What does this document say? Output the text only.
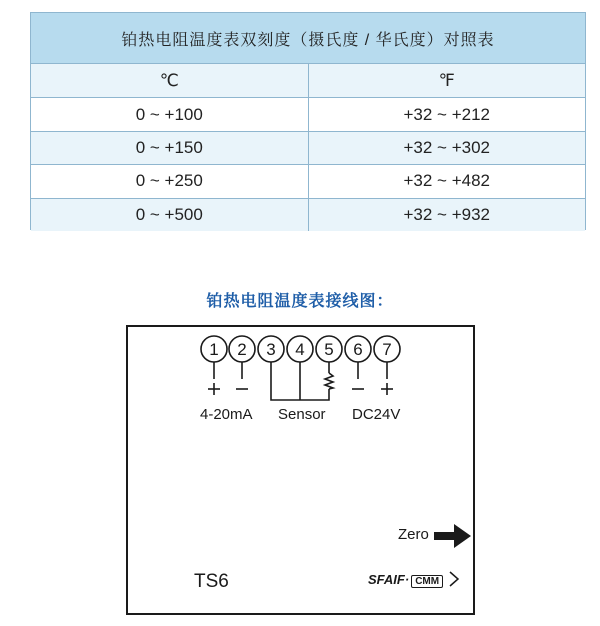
铂热电阻温度表双刻度（摄氏度 / 华氏度）对照表
℃	℉
0 ~ +100	+32 ~ +212
0 ~ +150	+32 ~ +302
0 ~ +250	+32 ~ +482
0 ~ +500	+32 ~ +932
铂热电阻温度表接线图：
1 2 3 4 5 6 7
4-20mA Sensor DC24V
Zero
TS6	SFAIF· CMM
